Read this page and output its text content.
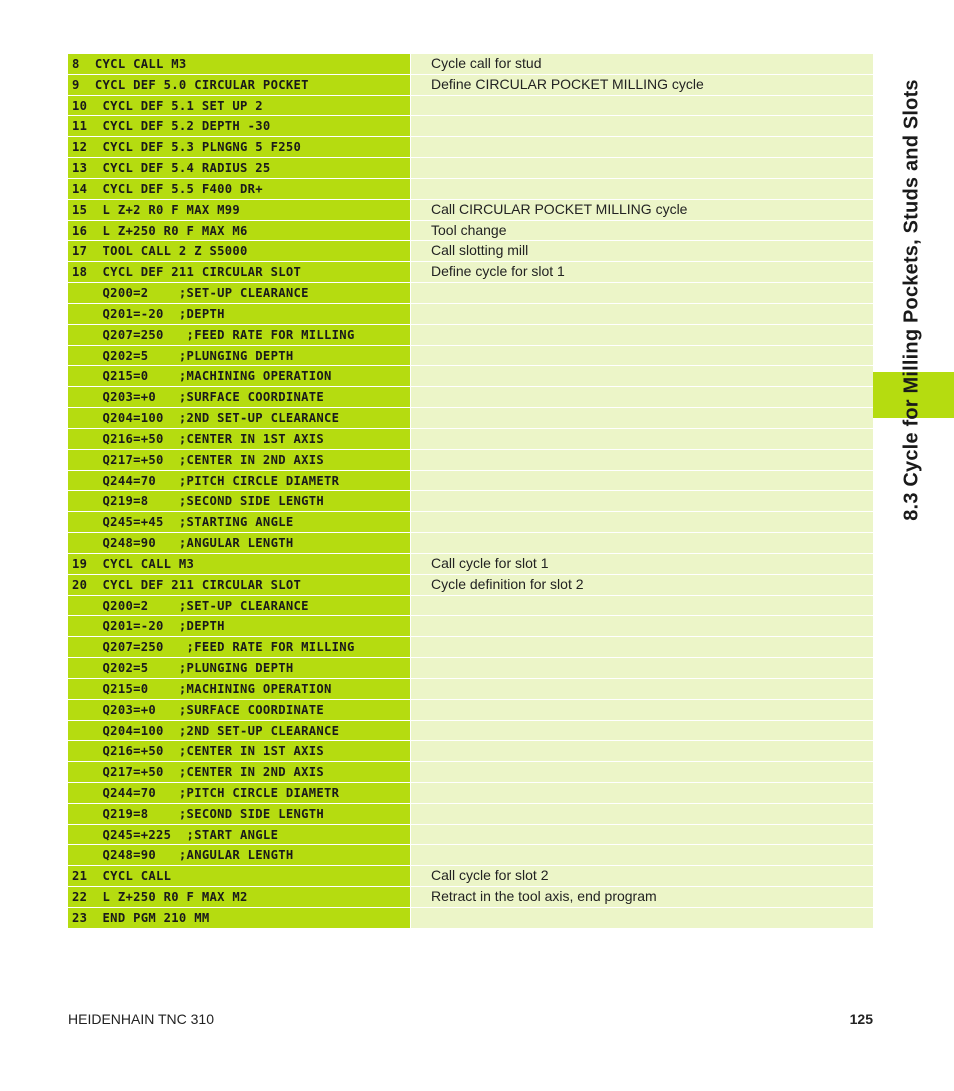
8  CYCL CALL M3	Cycle call for stud
9  CYCL DEF 5.0 CIRCULAR POCKET	Define CIRCULAR POCKET MILLING cycle
10  CYCL DEF 5.1 SET UP 2
11  CYCL DEF 5.2 DEPTH -30
12  CYCL DEF 5.3 PLNGNG 5 F250
13  CYCL DEF 5.4 RADIUS 25
14  CYCL DEF 5.5 F400 DR+
15  L Z+2 R0 F MAX M99	Call CIRCULAR POCKET MILLING cycle
16  L Z+250 R0 F MAX M6	Tool change
17  TOOL CALL 2 Z S5000	Call slotting mill
18  CYCL DEF 211 CIRCULAR SLOT	Define cycle for slot 1
Q200=2    ;SET-UP CLEARANCE
Q201=-20  ;DEPTH
Q207=250   ;FEED RATE FOR MILLING
Q202=5    ;PLUNGING DEPTH
Q215=0    ;MACHINING OPERATION
Q203=+0   ;SURFACE COORDINATE
Q204=100  ;2ND SET-UP CLEARANCE
Q216=+50  ;CENTER IN 1ST AXIS
Q217=+50  ;CENTER IN 2ND AXIS
Q244=70   ;PITCH CIRCLE DIAMETR
Q219=8    ;SECOND SIDE LENGTH
Q245=+45  ;STARTING ANGLE
Q248=90   ;ANGULAR LENGTH
19  CYCL CALL M3	Call cycle for slot 1
20  CYCL DEF 211 CIRCULAR SLOT	Cycle definition for slot 2
Q200=2    ;SET-UP CLEARANCE
Q201=-20  ;DEPTH
Q207=250   ;FEED RATE FOR MILLING
Q202=5    ;PLUNGING DEPTH
Q215=0    ;MACHINING OPERATION
Q203=+0   ;SURFACE COORDINATE
Q204=100  ;2ND SET-UP CLEARANCE
Q216=+50  ;CENTER IN 1ST AXIS
Q217=+50  ;CENTER IN 2ND AXIS
Q244=70   ;PITCH CIRCLE DIAMETR
Q219=8    ;SECOND SIDE LENGTH
Q245=+225  ;START ANGLE
Q248=90   ;ANGULAR LENGTH
21  CYCL CALL	Call cycle for slot 2
22  L Z+250 R0 F MAX M2	Retract in the tool axis, end program
23  END PGM 210 MM
8.3 Cycle for Milling Pockets, Studs and Slots
HEIDENHAIN TNC 310	125
